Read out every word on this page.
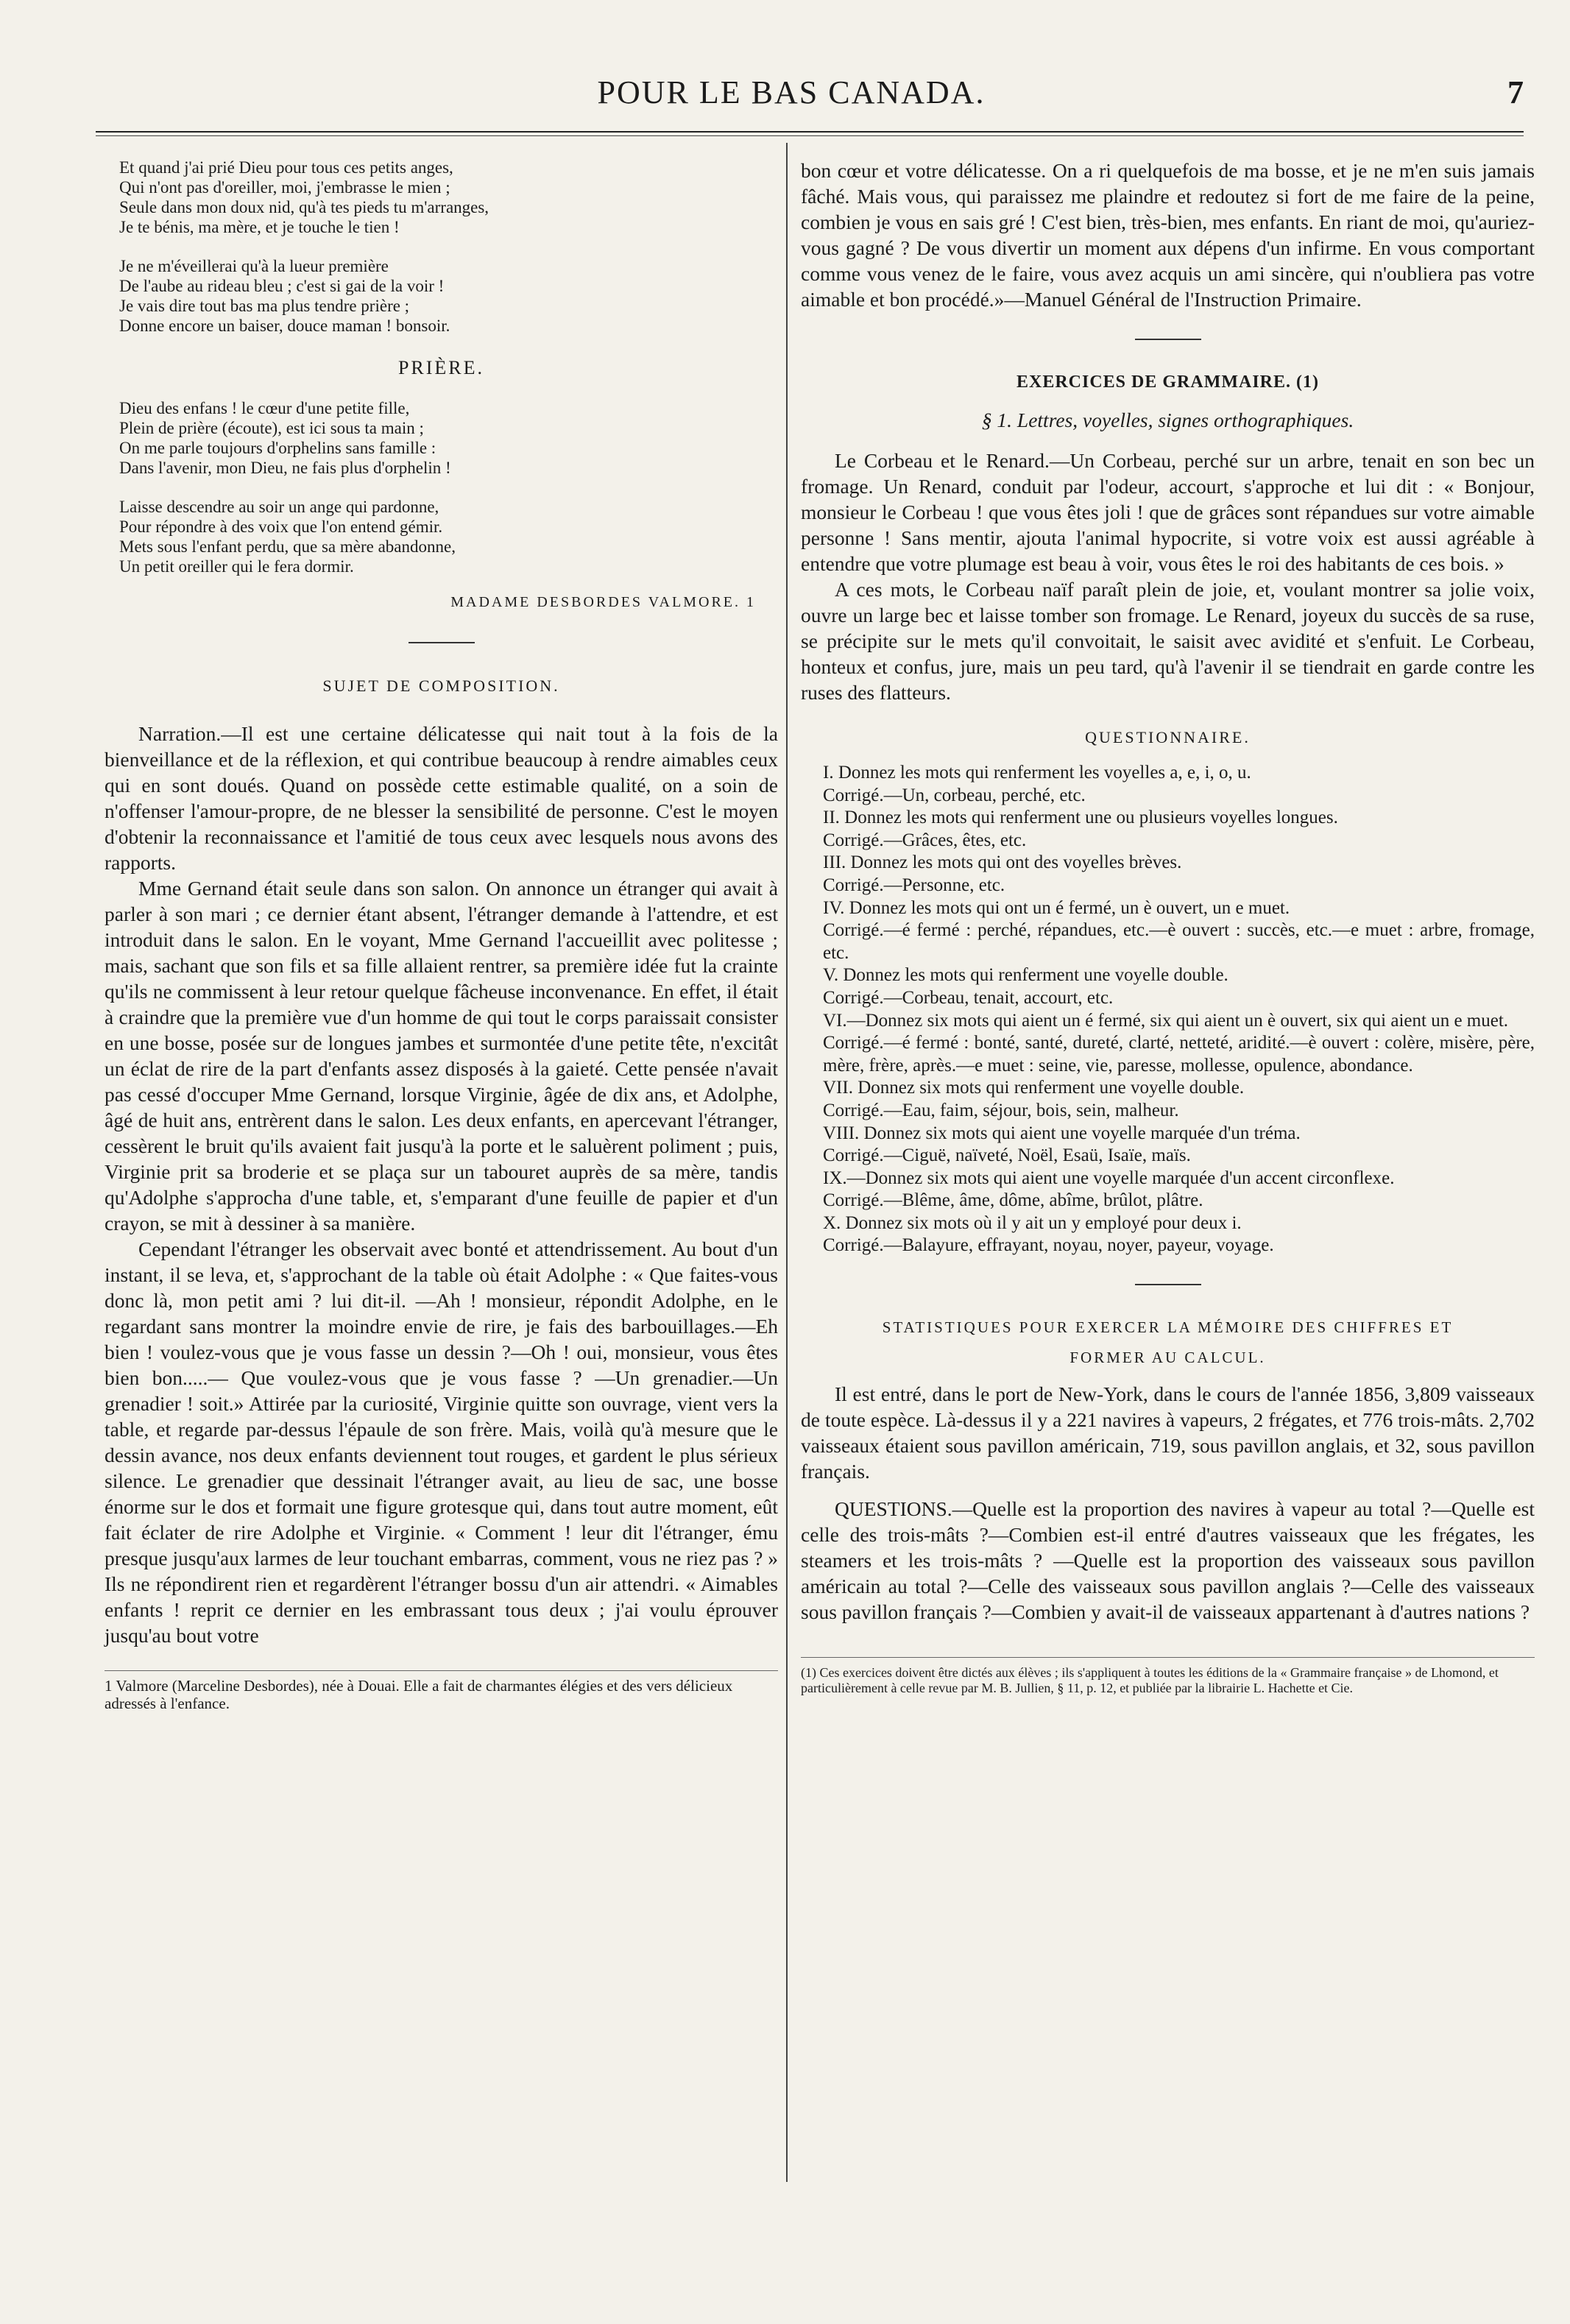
POUR LE BAS CANADA.	7
Et quand j'ai prié Dieu pour tous ces petits anges,
Qui n'ont pas d'oreiller, moi, j'embrasse le mien ;
Seule dans mon doux nid, qu'à tes pieds tu m'arranges,
Je te bénis, ma mère, et je touche le tien !
Je ne m'éveillerai qu'à la lueur première
De l'aube au rideau bleu ; c'est si gai de la voir !
Je vais dire tout bas ma plus tendre prière ;
Donne encore un baiser, douce maman ! bonsoir.
PRIÈRE.
Dieu des enfans ! le cœur d'une petite fille,
Plein de prière (écoute), est ici sous ta main ;
On me parle toujours d'orphelins sans famille :
Dans l'avenir, mon Dieu, ne fais plus d'orphelin !
Laisse descendre au soir un ange qui pardonne,
Pour répondre à des voix que l'on entend gémir.
Mets sous l'enfant perdu, que sa mère abandonne,
Un petit oreiller qui le fera dormir.
MADAME DESBORDES VALMORE. 1
SUJET DE COMPOSITION.

Narration.—Il est une certaine délicatesse qui nait tout à la fois de la bienveillance et de la réflexion, et qui contribue beaucoup à rendre aimables ceux qui en sont doués. Quand on possède cette estimable qualité, on a soin de n'offenser l'amour-propre, de ne blesser la sensibilité de personne. C'est le moyen d'obtenir la reconnaissance et l'amitié de tous ceux avec lesquels nous avons des rapports.

Mme Gernand était seule dans son salon. On annonce un étranger qui avait à parler à son mari ; ce dernier étant absent, l'étranger demande à l'attendre, et est introduit dans le salon. En le voyant, Mme Gernand l'accueillit avec politesse ; mais, sachant que son fils et sa fille allaient rentrer, sa première idée fut la crainte qu'ils ne commissent à leur retour quelque fâcheuse inconvenance. En effet, il était à craindre que la première vue d'un homme de qui tout le corps paraissait consister en une bosse, posée sur de longues jambes et surmontée d'une petite tête, n'excitât un éclat de rire de la part d'enfants assez disposés à la gaieté. Cette pensée n'avait pas cessé d'occuper Mme Gernand, lorsque Virginie, âgée de dix ans, et Adolphe, âgé de huit ans, entrèrent dans le salon. Les deux enfants, en apercevant l'étranger, cessèrent le bruit qu'ils avaient fait jusqu'à la porte et le saluèrent poliment ; puis, Virginie prit sa broderie et se plaça sur un tabouret auprès de sa mère, tandis qu'Adolphe s'approcha d'une table, et, s'emparant d'une feuille de papier et d'un crayon, se mit à dessiner à sa manière.

Cependant l'étranger les observait avec bonté et attendrissement. Au bout d'un instant, il se leva, et, s'approchant de la table où était Adolphe : « Que faites-vous donc là, mon petit ami ? lui dit-il. —Ah ! monsieur, répondit Adolphe, en le regardant sans montrer la moindre envie de rire, je fais des barbouillages.—Eh bien ! voulez-vous que je vous fasse un dessin ?—Oh ! oui, monsieur, vous êtes bien bon.....— Que voulez-vous que je vous fasse ? —Un grenadier.—Un grenadier ! soit.» Attirée par la curiosité, Virginie quitte son ouvrage, vient vers la table, et regarde par-dessus l'épaule de son frère. Mais, voilà qu'à mesure que le dessin avance, nos deux enfants deviennent tout rouges, et gardent le plus sérieux silence. Le grenadier que dessinait l'étranger avait, au lieu de sac, une bosse énorme sur le dos et formait une figure grotesque qui, dans tout autre moment, eût fait éclater de rire Adolphe et Virginie. « Comment ! leur dit l'étranger, ému presque jusqu'aux larmes de leur touchant embarras, comment, vous ne riez pas ? » Ils ne répondirent rien et regardèrent l'étranger bossu d'un air attendri. « Aimables enfants ! reprit ce dernier en les embrassant tous deux ; j'ai voulu éprouver jusqu'au bout votre

1 Valmore (Marceline Desbordes), née à Douai. Elle a fait de charmantes élégies et des vers délicieux adressés à l'enfance.

bon cœur et votre délicatesse. On a ri quelquefois de ma bosse, et je ne m'en suis jamais fâché. Mais vous, qui paraissez me plaindre et redoutez si fort de me faire de la peine, combien je vous en sais gré ! C'est bien, très-bien, mes enfants. En riant de moi, qu'auriez-vous gagné ? De vous divertir un moment aux dépens d'un infirme. En vous comportant comme vous venez de le faire, vous avez acquis un ami sincère, qui n'oubliera pas votre aimable et bon procédé.»—Manuel Général de l'Instruction Primaire.

EXERCICES DE GRAMMAIRE. (1)
§ 1. Lettres, voyelles, signes orthographiques.

Le Corbeau et le Renard.—Un Corbeau, perché sur un arbre, tenait en son bec un fromage. Un Renard, conduit par l'odeur, accourt, s'approche et lui dit : « Bonjour, monsieur le Corbeau ! que vous êtes joli ! que de grâces sont répandues sur votre aimable personne ! Sans mentir, ajouta l'animal hypocrite, si votre voix est aussi agréable à entendre que votre plumage est beau à voir, vous êtes le roi des habitants de ces bois. »

A ces mots, le Corbeau naïf paraît plein de joie, et, voulant montrer sa jolie voix, ouvre un large bec et laisse tomber son fromage. Le Renard, joyeux du succès de sa ruse, se précipite sur le mets qu'il convoitait, le saisit avec avidité et s'enfuit. Le Corbeau, honteux et confus, jure, mais un peu tard, qu'à l'avenir il se tiendrait en garde contre les ruses des flatteurs.

QUESTIONNAIRE.

I. Donnez les mots qui renferment les voyelles a, e, i, o, u.

Corrigé.—Un, corbeau, perché, etc.

II. Donnez les mots qui renferment une ou plusieurs voyelles longues.

Corrigé.—Grâces, êtes, etc.

III. Donnez les mots qui ont des voyelles brèves.

Corrigé.—Personne, etc.

IV. Donnez les mots qui ont un é fermé, un è ouvert, un e muet.

Corrigé.—é fermé : perché, répandues, etc.—è ouvert : succès, etc.—e muet : arbre, fromage, etc.

V. Donnez les mots qui renferment une voyelle double.

Corrigé.—Corbeau, tenait, accourt, etc.

VI.—Donnez six mots qui aient un é fermé, six qui aient un è ouvert, six qui aient un e muet.

Corrigé.—é fermé : bonté, santé, dureté, clarté, netteté, aridité.—è ouvert : colère, misère, père, mère, frère, après.—e muet : seine, vie, paresse, mollesse, opulence, abondance.

VII. Donnez six mots qui renferment une voyelle double.

Corrigé.—Eau, faim, séjour, bois, sein, malheur.

VIII. Donnez six mots qui aient une voyelle marquée d'un tréma.

Corrigé.—Ciguë, naïveté, Noël, Esaü, Isaïe, maïs.

IX.—Donnez six mots qui aient une voyelle marquée d'un accent circonflexe.

Corrigé.—Blême, âme, dôme, abîme, brûlot, plâtre.

X. Donnez six mots où il y ait un y employé pour deux i.

Corrigé.—Balayure, effrayant, noyau, noyer, payeur, voyage.

STATISTIQUES POUR EXERCER LA MÉMOIRE DES CHIFFRES ET
FORMER AU CALCUL.

Il est entré, dans le port de New-York, dans le cours de l'année 1856, 3,809 vaisseaux de toute espèce. Là-dessus il y a 221 navires à vapeurs, 2 frégates, et 776 trois-mâts. 2,702 vaisseaux étaient sous pavillon américain, 719, sous pavillon anglais, et 32, sous pavillon français.

QUESTIONS.—Quelle est la proportion des navires à vapeur au total ?—Quelle est celle des trois-mâts ?—Combien est-il entré d'autres vaisseaux que les frégates, les steamers et les trois-mâts ? —Quelle est la proportion des vaisseaux sous pavillon américain au total ?—Celle des vaisseaux sous pavillon anglais ?—Celle des vaisseaux sous pavillon français ?—Combien y avait-il de vaisseaux appartenant à d'autres nations ?

(1) Ces exercices doivent être dictés aux élèves ; ils s'appliquent à toutes les éditions de la « Grammaire française » de Lhomond, et particulièrement à celle revue par M. B. Jullien, § 11, p. 12, et publiée par la librairie L. Hachette et Cie.
